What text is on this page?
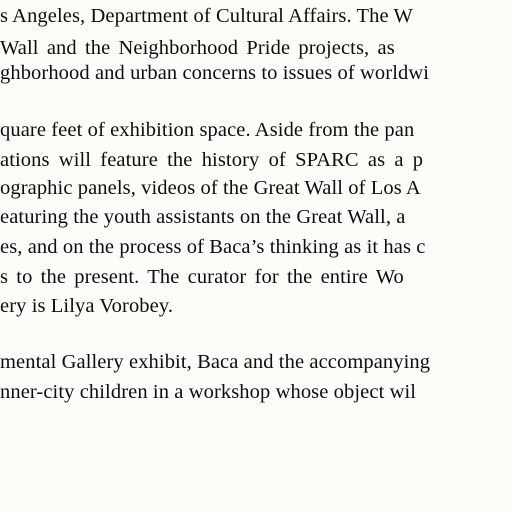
s Angeles, Department of Cultural Affairs. The W
Wall and the Neighborhood Pride projects, as
ghborhood and urban concerns to issues of worldwi
quare feet of exhibition space. Aside from the pan
ations will feature the history of SPARC as a p
ographic panels, videos of the Great Wall of Los A
eaturing the youth assistants on the Great Wall, a
es, and on the process of Baca’s thinking as it has c
s to the present. The curator for the entire Wo
ery is Lilya Vorobey.
mental Gallery exhibit, Baca and the accompanying
nner-city children in a workshop whose object wil
